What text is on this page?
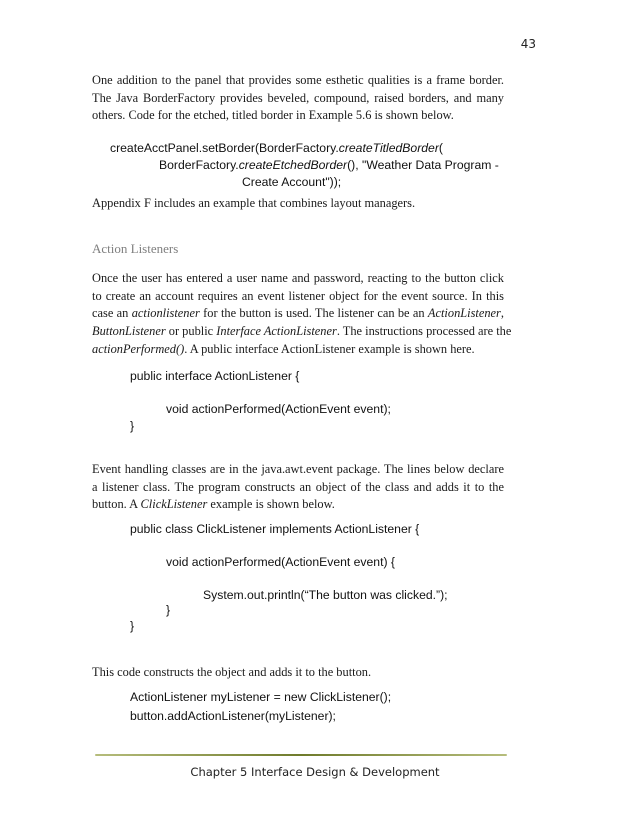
43
One addition to the panel that provides some esthetic qualities is a frame border.
The Java BorderFactory provides beveled, compound, raised borders, and many
others. Code for the etched, titled border in Example 5.6 is shown below.
createAcctPanel.setBorder(BorderFactory.createTitledBorder(
BorderFactory.createEtchedBorder(), "Weather Data Program -
Create Account"));
Appendix F includes an example that combines layout managers.
Action Listeners
Once the user has entered a user name and password, reacting to the button click
to create an account requires an event listener object for the event source. In this
case an actionlistener for the button is used. The listener can be an ActionListener,
ButtonListener or public Interface ActionListener. The instructions processed are the
actionPerformed(). A public interface ActionListener example is shown here.
public interface ActionListener {
void actionPerformed(ActionEvent event);
}
Event handling classes are in the java.awt.event package. The lines below declare
a listener class. The program constructs an object of the class and adds it to the
button. A ClickListener example is shown below.
public class ClickListener implements ActionListener {
void actionPerformed(ActionEvent event) {
System.out.println(“The button was clicked.”);
}
}
This code constructs the object and adds it to the button.
ActionListener myListener = new ClickListener();
button.addActionListener(myListener);
Chapter 5 Interface Design & Development
